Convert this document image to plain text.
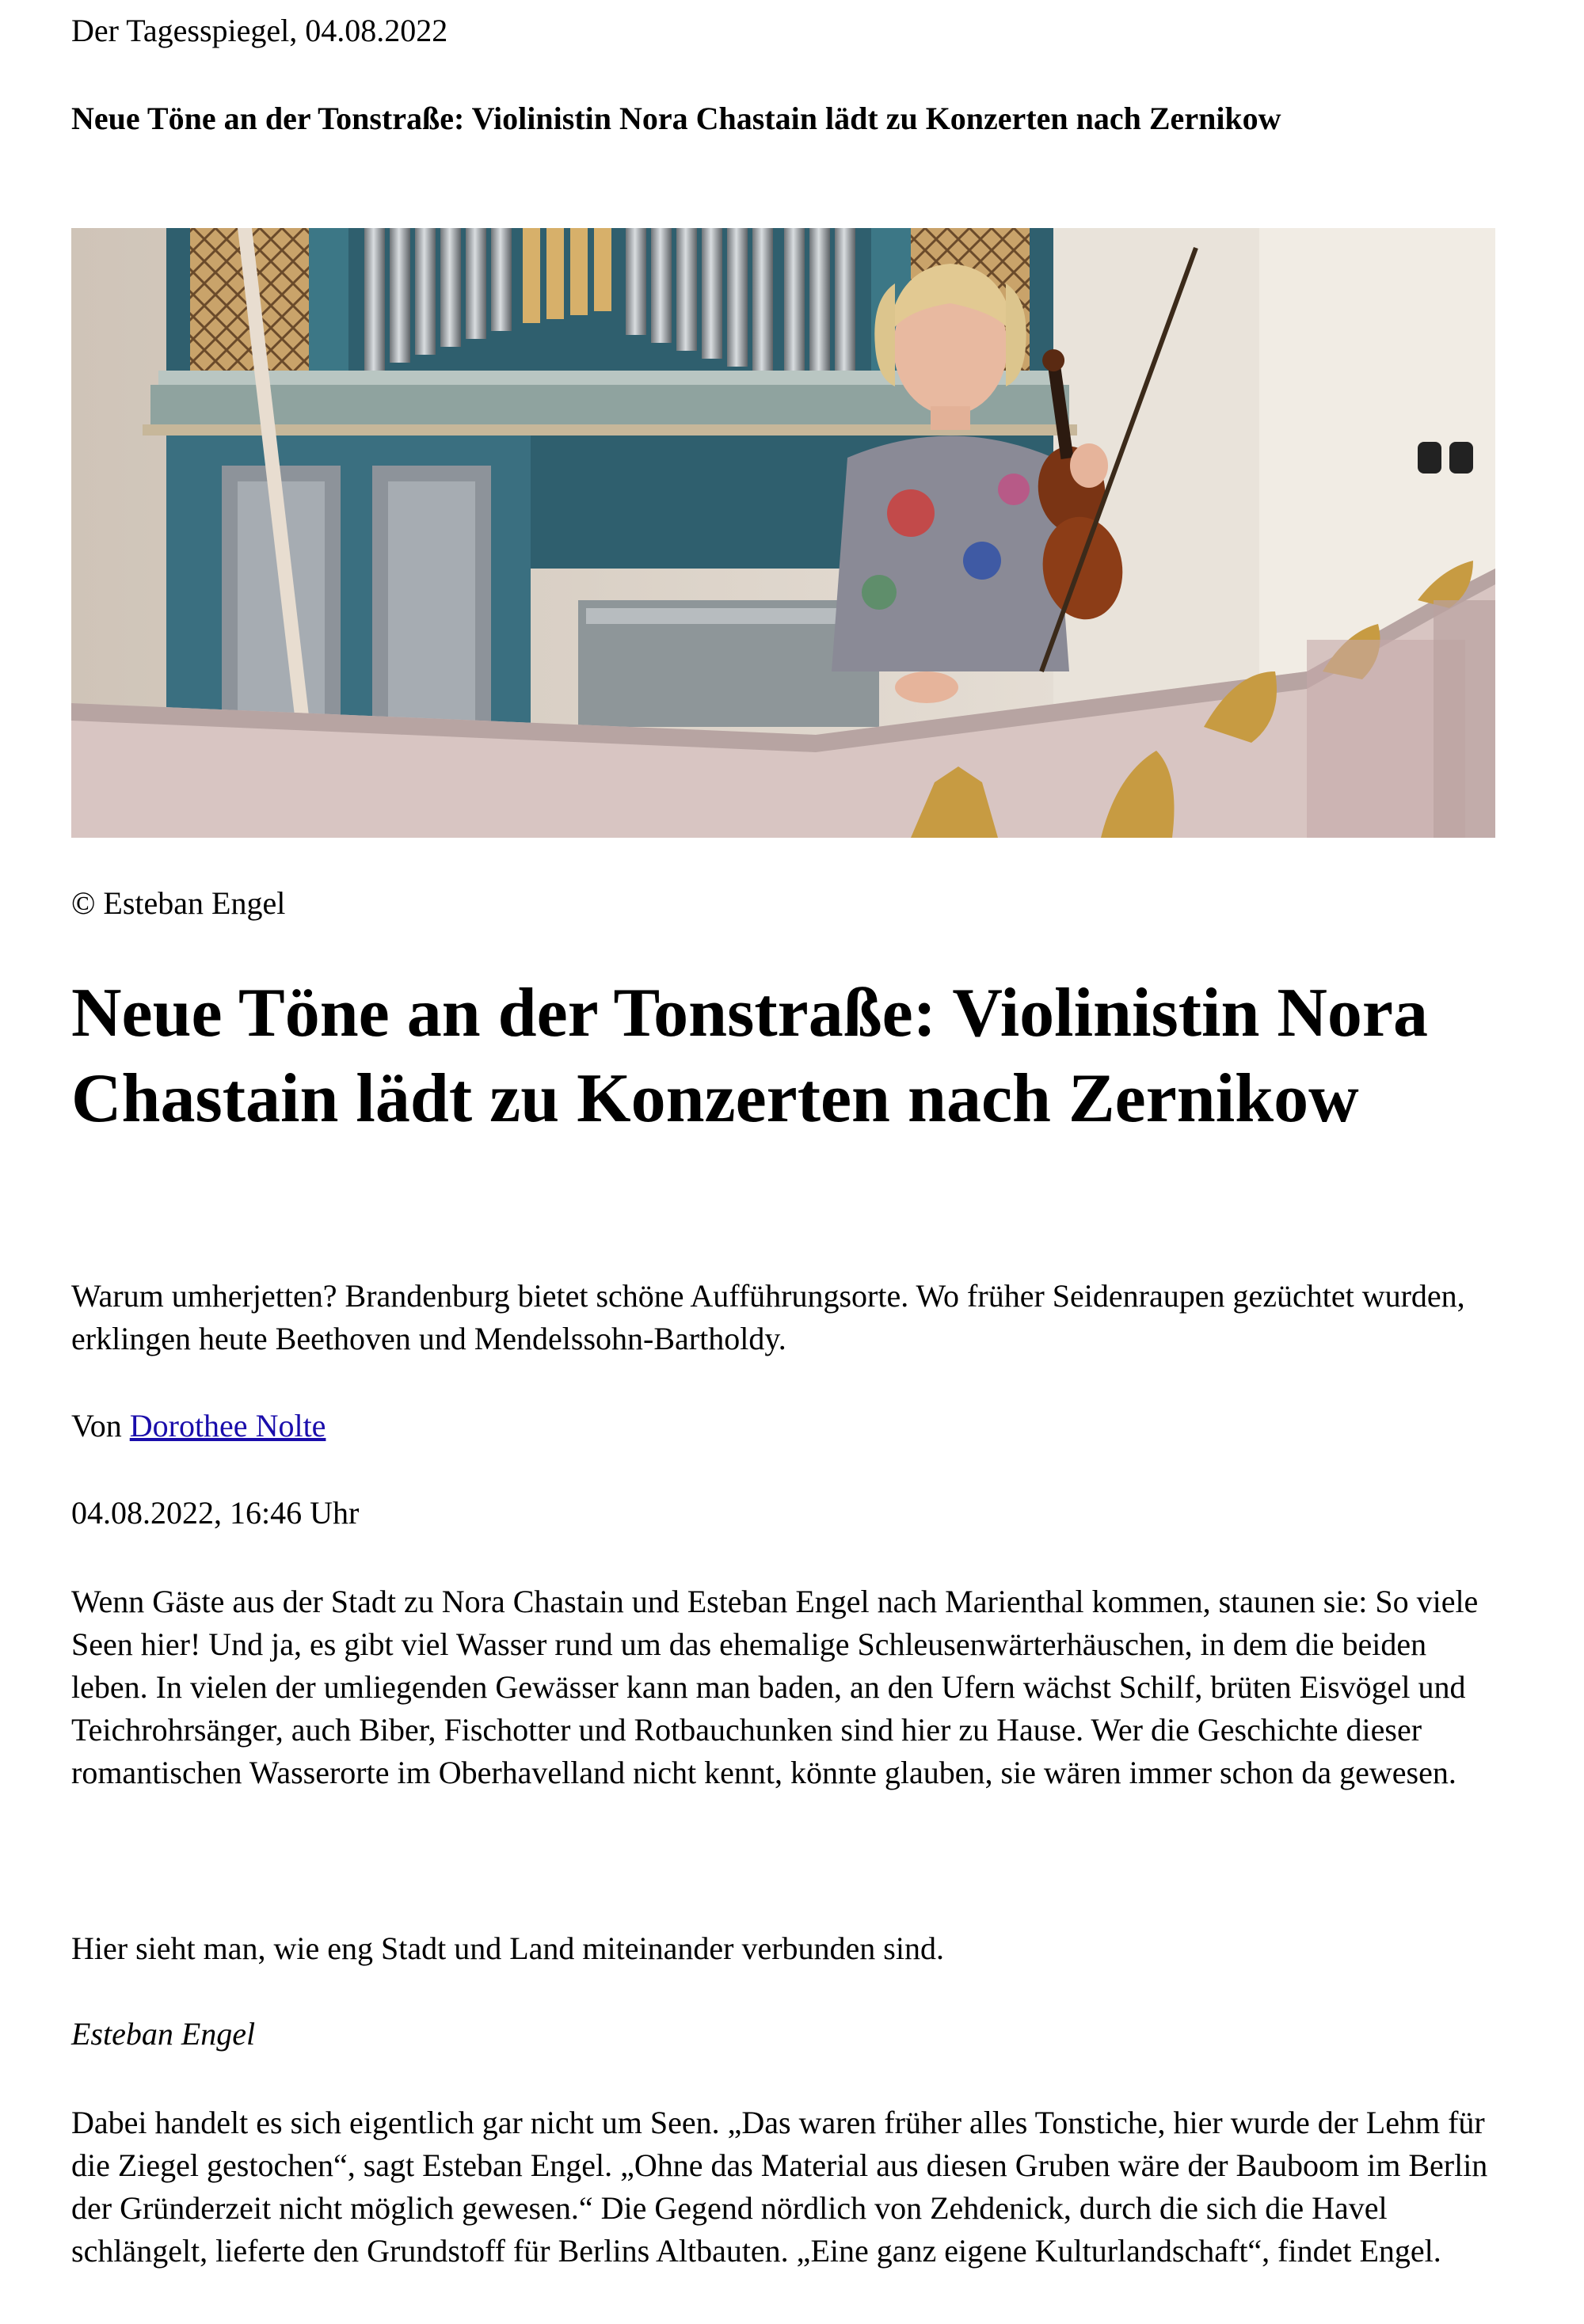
Der Tagesspiegel, 04.08.2022
Neue Töne an der Tonstraße: Violinistin Nora Chastain lädt zu Konzerten nach Zernikow
© Esteban Engel
Neue Töne an der Tonstraße: Violinistin Nora Chastain lädt zu Konzerten nach Zernikow

Warum umherjetten? Brandenburg bietet schöne Aufführungsorte. Wo früher Seidenraupen gezüchtet wurden, erklingen heute Beethoven und Mendelssohn-Bartholdy.

Von Dorothee Nolte
04.08.2022, 16:46 Uhr

Wenn Gäste aus der Stadt zu Nora Chastain und Esteban Engel nach Marienthal kommen, staunen sie: So viele Seen hier! Und ja, es gibt viel Wasser rund um das ehemalige Schleusenwärterhäuschen, in dem die beiden leben. In vielen der umliegenden Gewässer kann man baden, an den Ufern wächst Schilf, brüten Eisvögel und Teichrohrsänger, auch Biber, Fischotter und Rotbauchunken sind hier zu Hause. Wer die Geschichte dieser romantischen Wasserorte im Oberhavelland nicht kennt, könnte glauben, sie wären immer schon da gewesen.

Hier sieht man, wie eng Stadt und Land miteinander verbunden sind.

Esteban Engel

Dabei handelt es sich eigentlich gar nicht um Seen. „Das waren früher alles Tonstiche, hier wurde der Lehm für die Ziegel gestochen“, sagt Esteban Engel. „Ohne das Material aus diesen Gruben wäre der Bauboom im Berlin der Gründerzeit nicht möglich gewesen.“ Die Gegend nördlich von Zehdenick, durch die sich die Havel schlängelt, lieferte den Grundstoff für Berlins Altbauten. „Eine ganz eigene Kulturlandschaft“, findet Engel.
